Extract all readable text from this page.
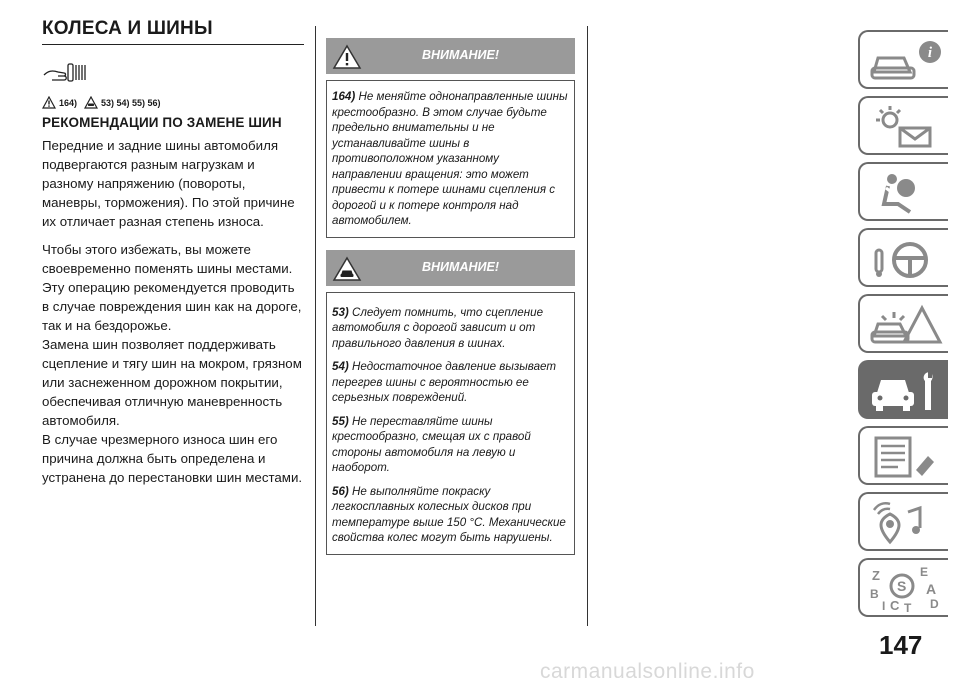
КОЛЕСА И ШИНЫ
164)	53) 54) 55) 56)
РЕКОМЕНДАЦИИ ПО ЗАМЕНЕ ШИН

Передние и задние шины автомобиля подвергаются разным нагрузкам и разному напряжению (повороты, маневры, торможения). По этой причине их отличает разная степень износа.

Чтобы этого избежать, вы можете своевременно поменять шины местами. Эту операцию рекомендуется проводить в случае повреждения шин как на дороге, так и на бездорожье.

Замена шин позволяет поддерживать сцепление и тягу шин на мокром, грязном или заснеженном дорожном покрытии, обеспечивая отличную маневренность автомобиля.

В случае чрезмерного износа шин его причина должна быть определена и устранена до перестановки шин местами.

ВНИМАНИЕ!

164) Не меняйте однонаправленные шины крестообразно. В этом случае будьте предельно внимательны и не устанавливайте шины в противоположном указанному направлении вращения: это может привести к потере шинами сцепления с дорогой и к потере контроля над автомобилем.

ВНИМАНИЕ!

53) Следует помнить, что сцепление автомобиля с дорогой зависит и от правильного давления в шинах.

54) Недостаточное давление вызывает перегрев шины с вероятностью ее серьезных повреждений.

55) Не переставляйте шины крестообразно, смещая их с правой стороны автомобиля на левую и наоборот.

56) Не выполняйте покраску легкосплавных колесных дисков при температуре выше 150 °C. Механические свойства колес могут быть нарушены.

i
Z	E
S A
B
D
I C T
147
carmanualsonline.info
